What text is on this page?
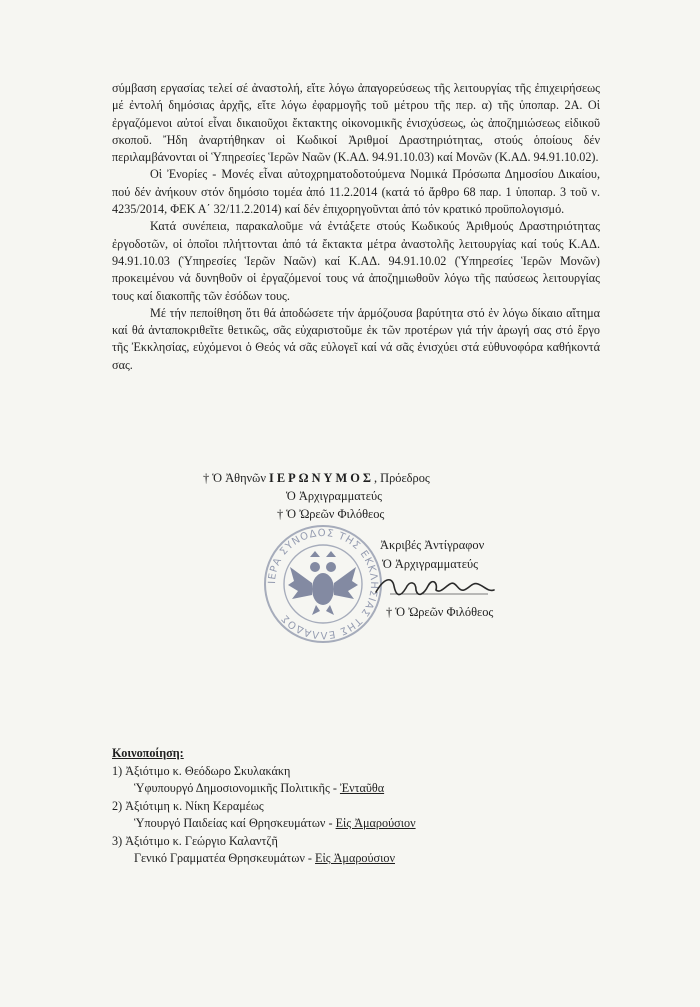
σύμβαση εργασίας τελεί σέ ἀναστολή, εἴτε λόγω ἀπαγορεύσεως τῆς λειτουργίας τῆς ἐπιχειρήσεως μέ ἐντολή δημόσιας ἀρχῆς, εἴτε λόγω ἐφαρμογῆς τοῦ μέτρου τῆς περ. α) τῆς ὑποπαρ. 2Α. Οἱ ἐργαζόμενοι αὐτοί εἶναι δικαιοῦχοι ἔκτακτης οἰκονομικῆς ἐνισχύσεως, ὡς ἀποζημιώσεως εἰδικοῦ σκοποῦ. Ἤδη ἀναρτήθηκαν οἱ Κωδικοί Ἀριθμοί Δραστηριότητας, στούς ὁποίους δέν περιλαμβάνονται οἱ Ὑπηρεσίες Ἱερῶν Ναῶν (Κ.ΑΔ. 94.91.10.03) καί Μονῶν (Κ.ΑΔ. 94.91.10.02).

Οἱ Ἐνορίες - Μονές εἶναι αὐτοχρηματοδοτούμενα Νομικά Πρόσωπα Δημοσίου Δικαίου, πού δέν ἀνήκουν στόν δημόσιο τομέα ἀπό 11.2.2014 (κατά τό ἄρθρο 68 παρ. 1 ὑποπαρ. 3 τοῦ ν. 4235/2014, ΦΕΚ Α΄ 32/11.2.2014) καί δέν ἐπιχορηγοῦνται ἀπό τόν κρατικό προϋπολογισμό.

Κατά συνέπεια, παρακαλοῦμε νά ἐντάξετε στούς Κωδικούς Ἀριθμούς Δραστηριότητας ἐργοδοτῶν, οἱ ὁποῖοι πλήττονται ἀπό τά ἔκτακτα μέτρα ἀναστολῆς λειτουργίας καί τούς Κ.ΑΔ. 94.91.10.03 (Ὑπηρεσίες Ἱερῶν Ναῶν) καί Κ.ΑΔ. 94.91.10.02 (Ὑπηρεσίες Ἱερῶν Μονῶν) προκειμένου νά δυνηθοῦν οἱ ἐργαζόμενοί τους νά ἀποζημιωθοῦν λόγω τῆς παύσεως λειτουργίας τους καί διακοπῆς τῶν ἐσόδων τους.

Μέ τήν πεποίθηση ὅτι θά ἀποδώσετε τήν ἁρμόζουσα βαρύτητα στό ἐν λόγω δίκαιο αἴτημα καί θά ἀνταποκριθεῖτε θετικῶς, σᾶς εὐχαριστοῦμε ἐκ τῶν προτέρων γιά τήν ἀρωγή σας στό ἔργο τῆς Ἐκκλησίας, εὐχόμενοι ὁ Θεός νά σᾶς εὐλογεῖ καί νά σᾶς ἐνισχύει στά εὐθυνοφόρα καθήκοντά σας.

† Ὁ Ἀθηνῶν ΙΕΡΩΝΥΜΟΣ, Πρόεδρος
Ὁ Ἀρχιγραμματεύς
† Ὁ Ὠρεῶν Φιλόθεος
ΙΕΡΑ ΣΥΝΟΔΟΣ ΤΗΣ ΕΚΚΛΗΣΙΑΣ ΤΗΣ ΕΛΛΑΔΟΣ
Ἀκριβές Ἀντίγραφον
Ὁ Ἀρχιγραμματεύς
† Ὁ Ὠρεῶν Φιλόθεος
Κοινοποίηση:
1) Ἀξιότιμο κ. Θεόδωρο Σκυλακάκη
Ὑφυπουργό Δημοσιονομικῆς Πολιτικῆς - Ἐνταῦθα
2) Ἀξιότιμη κ. Νίκη Κεραμέως
Ὑπουργό Παιδείας καί Θρησκευμάτων - Εἰς Ἀμαρούσιον
3) Ἀξιότιμο κ. Γεώργιο Καλαντζῆ
Γενικό Γραμματέα Θρησκευμάτων - Εἰς Ἀμαρούσιον
